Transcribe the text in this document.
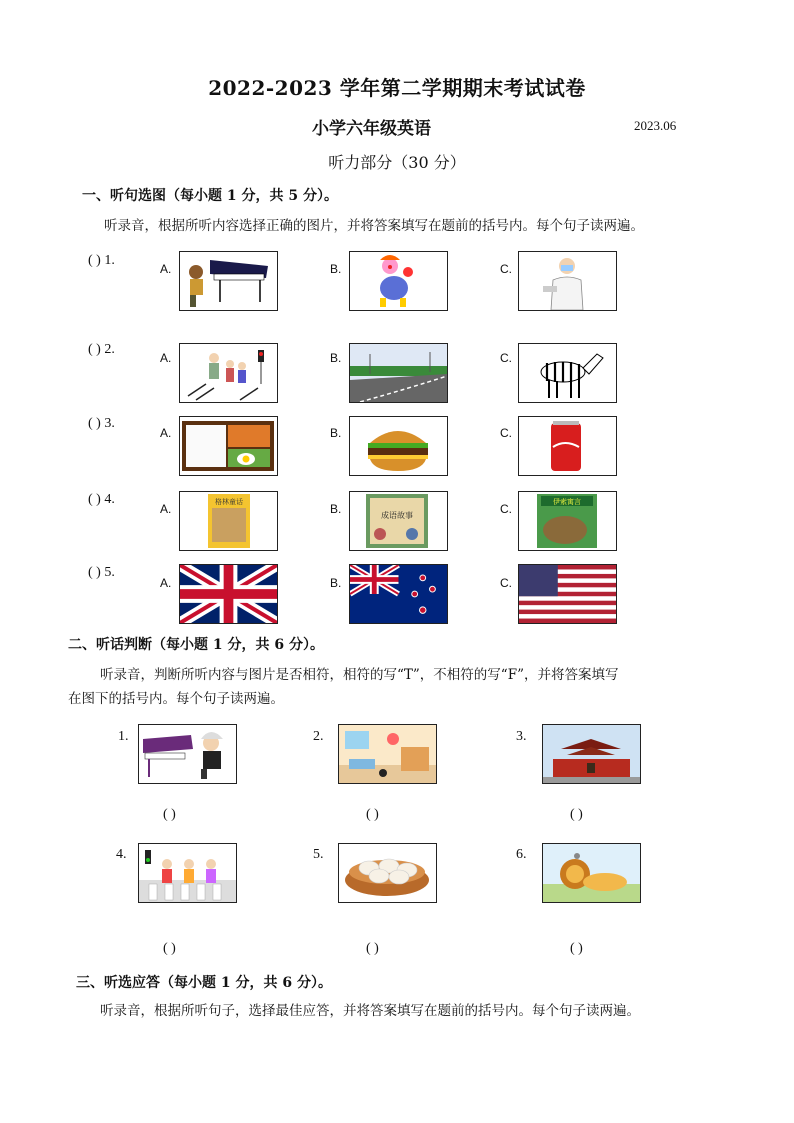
2022-2023 学年第二学期期末考试试卷
小学六年级英语	2023.06
听力部分（30 分）
一、听句选图（每小题 1 分，共 5 分）。
听录音，根据所听内容选择正确的图片，并将答案填写在题前的括号内。每个句子读两遍。
( ) 1.
A.	B.	C.
( ) 2.
A.	B.	C.
( ) 3.
A.	B.	C.
( ) 4.
A.	格林童话	B.	成语故事	C.	伊索寓言
( ) 5.
A.	B.	C.
二、听话判断（每小题 1 分，共 6 分）。
听录音，判断所听内容与图片是否相符，相符的写“T”，不相符的写“F”，并将答案填写
在图下的括号内。每个句子读两遍。
1.
( )
2.
( )
3.
( )
4.
( )
5.
( )
6.
( )
三、听选应答（每小题 1 分，共 6 分）。
听录音，根据所听句子，选择最佳应答，并将答案填写在题前的括号内。每个句子读两遍。
